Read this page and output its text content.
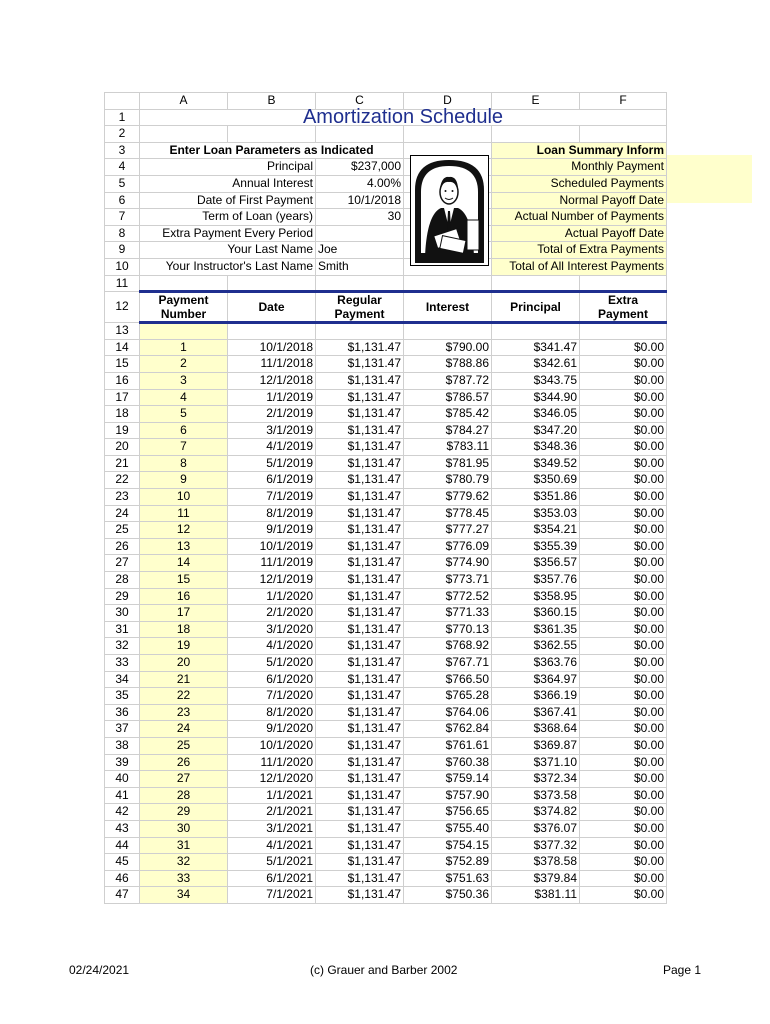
	A	B	C	D	E	F
1	Amortization Schedule					
2						
3	Enter Loan Parameters as Indicated				Loan Summary Inform	
4	Principal		$237,000		Monthly Payment	
5	Annual Interest		4.00%		Scheduled Payments	
6	Date of First Payment		10/1/2018		Normal Payoff Date	
7	Term of Loan (years)		30		Actual Number of Payments	
8	Extra Payment Every Period				Actual Payoff Date	
9	Your Last Name		Joe		Total of Extra Payments	
10	Your Instructor's Last Name		Smith		Total of All Interest Payments	
11						
12	Payment Number	Date	Regular Payment	Interest	Principal	Extra Payment
13						
14	1	10/1/2018	$1,131.47	$790.00	$341.47	$0.00
15	2	11/1/2018	$1,131.47	$788.86	$342.61	$0.00
16	3	12/1/2018	$1,131.47	$787.72	$343.75	$0.00
17	4	1/1/2019	$1,131.47	$786.57	$344.90	$0.00
18	5	2/1/2019	$1,131.47	$785.42	$346.05	$0.00
19	6	3/1/2019	$1,131.47	$784.27	$347.20	$0.00
20	7	4/1/2019	$1,131.47	$783.11	$348.36	$0.00
21	8	5/1/2019	$1,131.47	$781.95	$349.52	$0.00
22	9	6/1/2019	$1,131.47	$780.79	$350.69	$0.00
23	10	7/1/2019	$1,131.47	$779.62	$351.86	$0.00
24	11	8/1/2019	$1,131.47	$778.45	$353.03	$0.00
25	12	9/1/2019	$1,131.47	$777.27	$354.21	$0.00
26	13	10/1/2019	$1,131.47	$776.09	$355.39	$0.00
27	14	11/1/2019	$1,131.47	$774.90	$356.57	$0.00
28	15	12/1/2019	$1,131.47	$773.71	$357.76	$0.00
29	16	1/1/2020	$1,131.47	$772.52	$358.95	$0.00
30	17	2/1/2020	$1,131.47	$771.33	$360.15	$0.00
31	18	3/1/2020	$1,131.47	$770.13	$361.35	$0.00
32	19	4/1/2020	$1,131.47	$768.92	$362.55	$0.00
33	20	5/1/2020	$1,131.47	$767.71	$363.76	$0.00
34	21	6/1/2020	$1,131.47	$766.50	$364.97	$0.00
35	22	7/1/2020	$1,131.47	$765.28	$366.19	$0.00
36	23	8/1/2020	$1,131.47	$764.06	$367.41	$0.00
37	24	9/1/2020	$1,131.47	$762.84	$368.64	$0.00
38	25	10/1/2020	$1,131.47	$761.61	$369.87	$0.00
39	26	11/1/2020	$1,131.47	$760.38	$371.10	$0.00
40	27	12/1/2020	$1,131.47	$759.14	$372.34	$0.00
41	28	1/1/2021	$1,131.47	$757.90	$373.58	$0.00
42	29	2/1/2021	$1,131.47	$756.65	$374.82	$0.00
43	30	3/1/2021	$1,131.47	$755.40	$376.07	$0.00
44	31	4/1/2021	$1,131.47	$754.15	$377.32	$0.00
45	32	5/1/2021	$1,131.47	$752.89	$378.58	$0.00
46	33	6/1/2021	$1,131.47	$751.63	$379.84	$0.00
47	34	7/1/2021	$1,131.47	$750.36	$381.11	$0.00
02/24/2021	(c) Grauer and Barber 2002	Page 1
